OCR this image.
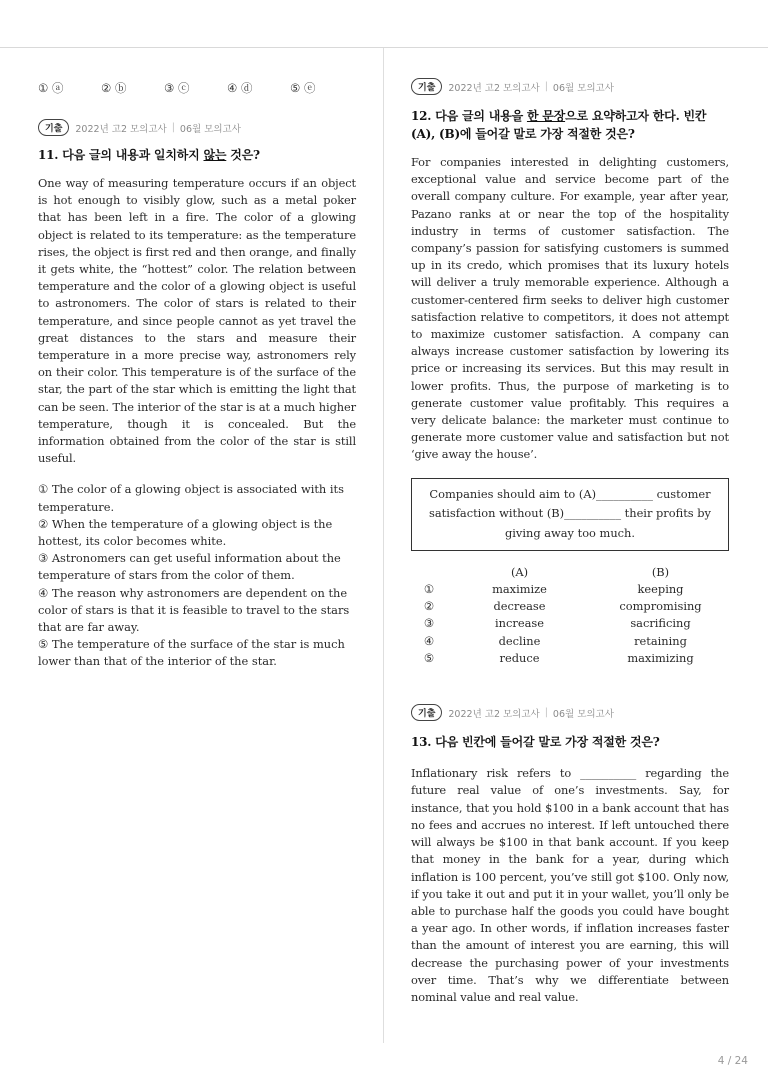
① ⓐ	② ⓑ	③ ⓒ	④ ⓓ	⑤ ⓔ
기출	2022년 고2 모의고사 | 06월 모의고사
11. 다음 글의 내용과 일치하지 않는 것은?
One way of measuring temperature occurs if an object is hot enough to visibly glow, such as a metal poker that has been left in a fire. The color of a glowing object is related to its temperature: as the temperature rises, the object is first red and then orange, and finally it gets white, the “hottest” color. The relation between temperature and the color of a glowing object is useful to astronomers. The color of stars is related to their temperature, and since people cannot as yet travel the great distances to the stars and measure their temperature in a more precise way, astronomers rely on their color. This temperature is of the surface of the star, the part of the star which is emitting the light that can be seen. The interior of the star is at a much higher temperature, though it is concealed. But the information obtained from the color of the star is still useful.
① The color of a glowing object is associated with its temperature.
② When the temperature of a glowing object is the hottest, its color becomes white.
③ Astronomers can get useful information about the temperature of stars from the color of them.
④ The reason why astronomers are dependent on the color of stars is that it is feasible to travel to the stars that are far away.
⑤ The temperature of the surface of the star is much lower than that of the interior of the star.
기출	2022년 고2 모의고사 | 06월 모의고사
12. 다음 글의 내용을 한 문장으로 요약하고자 한다. 빈칸 (A), (B)에 들어갈 말로 가장 적절한 것은?
For companies interested in delighting customers, exceptional value and service become part of the overall company culture. For example, year after year, Pazano ranks at or near the top of the hospitality industry in terms of customer satisfaction. The company’s passion for satisfying customers is summed up in its credo, which promises that its luxury hotels will deliver a truly memorable experience. Although a customer-centered firm seeks to deliver high customer satisfaction relative to competitors, it does not attempt to maximize customer satisfaction. A company can always increase customer satisfaction by lowering its price or increasing its services. But this may result in lower profits. Thus, the purpose of marketing is to generate customer value profitably. This requires a very delicate balance: the marketer must continue to generate more customer value and satisfaction but not ‘give away the house’.
Companies should aim to (A)__________ customer
satisfaction without (B)__________ their profits by
giving away too much.
	(A)	(B)
①	maximize	keeping
②	decrease	compromising
③	increase	sacrificing
④	decline	retaining
⑤	reduce	maximizing
기출	2022년 고2 모의고사 | 06월 모의고사
13. 다음 빈칸에 들어갈 말로 가장 적절한 것은?
Inflationary risk refers to __________ regarding the future real value of one’s investments. Say, for instance, that you hold $100 in a bank account that has no fees and accrues no interest. If left untouched there will always be $100 in that bank account. If you keep that money in the bank for a year, during which inflation is 100 percent, you’ve still got $100. Only now, if you take it out and put it in your wallet, you’ll only be able to purchase half the goods you could have bought a year ago. In other words, if inflation increases faster than the amount of interest you are earning, this will decrease the purchasing power of your investments over time. That’s why we differentiate between nominal value and real value.
4 / 24
